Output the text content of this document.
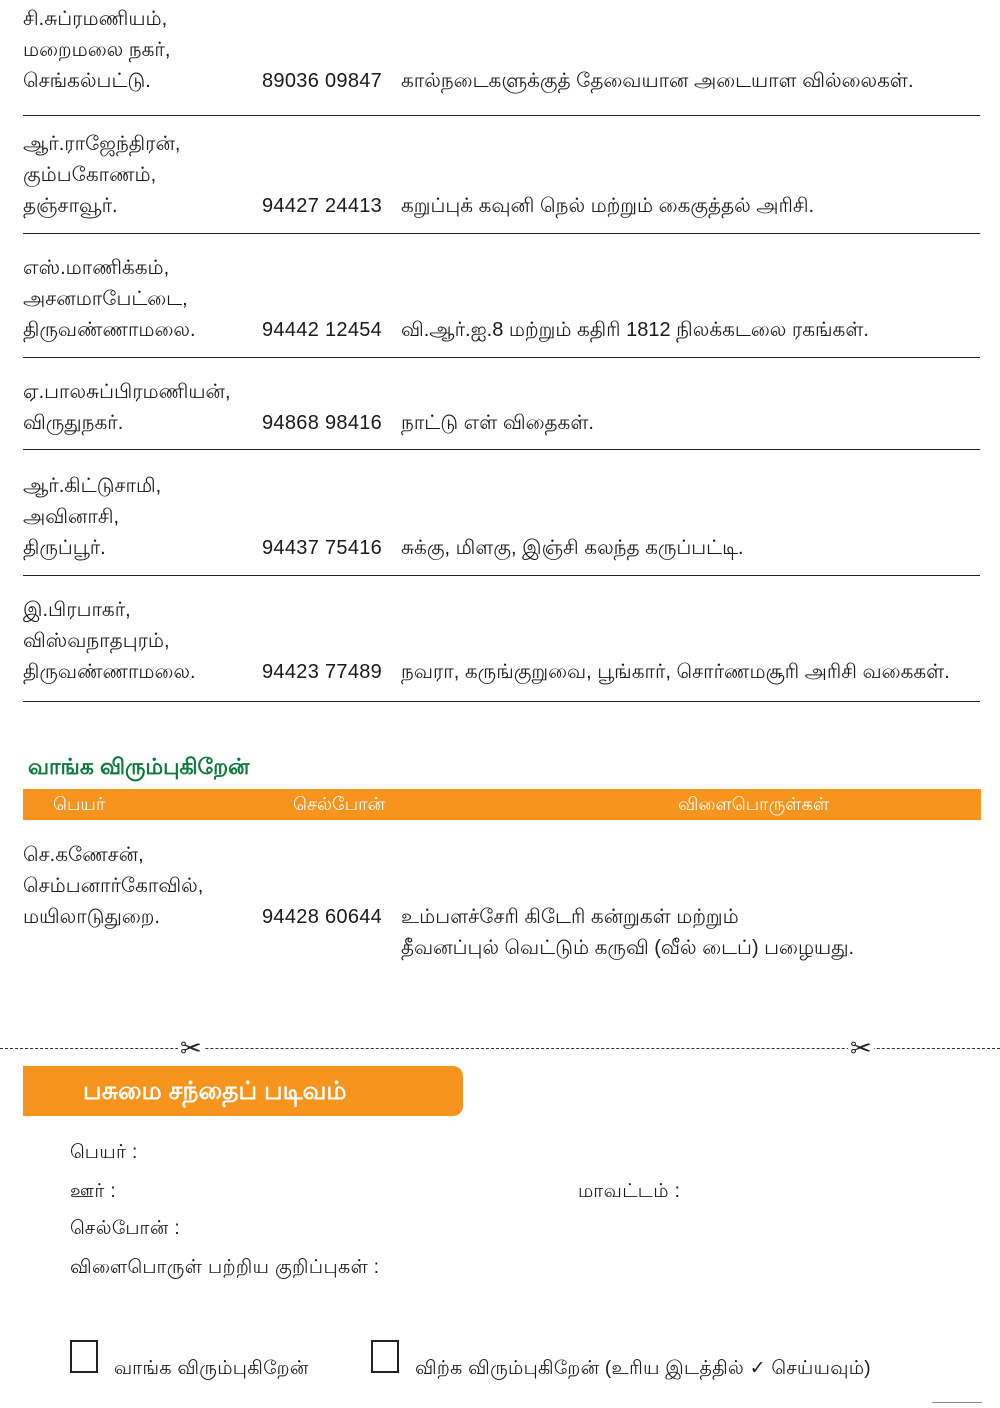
சி.சுப்ரமணியம்,
மறைமலை நகர்,
செங்கல்பட்டு.	89036 09847 கால்நடைகளுக்குத் தேவையான அடையாள வில்லைகள்.
ஆர்.ராஜேந்திரன்,
கும்பகோணம்,
தஞ்சாவூர்.	94427 24413 கறுப்புக் கவுனி நெல் மற்றும் கைகுத்தல் அரிசி.
எஸ்.மாணிக்கம்,
அசனமாபேட்டை,
திருவண்ணாமலை.	94442 12454 வி.ஆர்.ஐ.8 மற்றும் கதிரி 1812 நிலக்கடலை ரகங்கள்.
ஏ.பாலசுப்பிரமணியன்,
விருதுநகர்.	94868 98416 நாட்டு எள் விதைகள்.
ஆர்.கிட்டுசாமி,
அவினாசி,
திருப்பூர்.	94437 75416 சுக்கு, மிளகு, இஞ்சி கலந்த கருப்பட்டி.
இ.பிரபாகர்,
விஸ்வநாதபுரம்,
திருவண்ணாமலை.	94423 77489 நவரா, கருங்குறுவை, பூங்கார், சொர்ணமசூரி அரிசி வகைகள்.
வாங்க விரும்புகிறேன்
பெயர்	செல்போன்	விளைபொருள்கள்
செ.கணேசன்,
செம்பனார்கோவில்,
மயிலாடுதுறை.	94428 60644 உம்பளச்சேரி கிடேரி கன்றுகள் மற்றும்
தீவனப்புல் வெட்டும் கருவி (வீல் டைப்) பழையது.
✂	✂
பசுமை சந்தைப் படிவம்
பெயர் :
ஊர் :	மாவட்டம் :
செல்போன் :
விளைபொருள் பற்றிய குறிப்புகள் :
வாங்க விரும்புகிறேன்	விற்க விரும்புகிறேன் (உரிய இடத்தில் ✓ செய்யவும்)
